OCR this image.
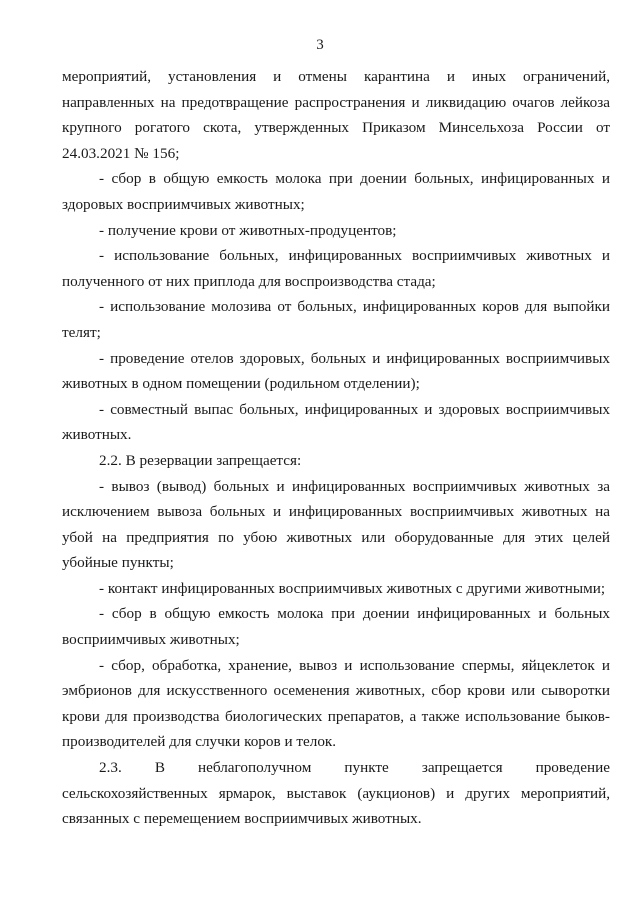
3

мероприятий, установления и отмены карантина и иных ограничений, направленных на предотвращение распространения и ликвидацию очагов лейкоза крупного рогатого скота, утвержденных Приказом Минсельхоза России от 24.03.2021 № 156;

- сбор в общую емкость молока при доении больных, инфицированных и здоровых восприимчивых животных;

- получение крови от животных-продуцентов;

- использование больных, инфицированных восприимчивых животных и полученного от них приплода для воспроизводства стада;

- использование молозива от больных, инфицированных коров для выпойки телят;

- проведение отелов здоровых, больных и инфицированных восприимчивых животных в одном помещении (родильном отделении);

- совместный выпас больных, инфицированных и здоровых восприимчивых животных.

2.2. В резервации запрещается:

- вывоз (вывод) больных и инфицированных восприимчивых животных за исключением вывоза больных и инфицированных восприимчивых животных на убой на предприятия по убою животных или оборудованные для этих целей убойные пункты;

- контакт инфицированных восприимчивых животных с другими животными;

- сбор в общую емкость молока при доении инфицированных и больных восприимчивых животных;

- сбор, обработка, хранение, вывоз и использование спермы, яйцеклеток и эмбрионов для искусственного осеменения животных, сбор крови или сыворотки крови для производства биологических препаратов, а также использование быков-производителей для случки коров и телок.

2.3. В неблагополучном пункте запрещается проведение сельскохозяйственных ярмарок, выставок (аукционов) и других мероприятий, связанных с перемещением восприимчивых животных.
